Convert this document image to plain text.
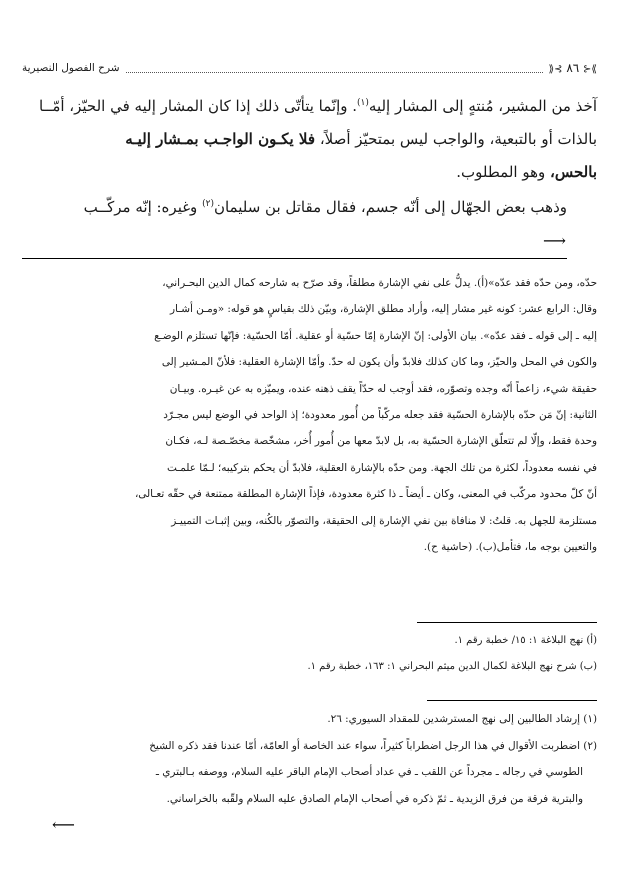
⟫⊰ ٨٦ ⊱⟪
شرح الفصول النصيرية

آخذ من المشير، مُنتهٍ إلى المشار إليه$^{(١)}$. وإنّما يتأتّى ذلك إذا كان المشار إليه في الحيّز، أمّــا

بالذات أو بالتبعية، والواجب ليس بمتحيّز أصلاً، فلا يكـون الواجـب بمـشار إليـه

بالحس، وهو المطلوب.

وذهب بعض الجهّال إلى أنّه جسم، فقال مقاتل بن سليمان$^{(٢)}$ وغيره: إنّه مركّــب

⟶

حدّه، ومن حدّه فقد عدّه»(أ). يدلُّ على نفي الإشارة مطلقاً، وقد صرّح به شارحه كمال الدين البحـراني،

وقال: الرابع عشر: كونه غير مشار إليه، وأراد مطلق الإشارة، وبيّن ذلك بقياسٍ هو قوله: «ومـن أشـار

إليه ـ إلى قوله ـ فقد عدّه». بيان الأولى: إنّ الإشارة إمّا حسّية أو عقلية. أمّا الحسّية: فإنّها تستلزم الوضـع

والكون في المحل والحيّز، وما كان كذلك فلابدّ وأن يكون له حدّ. وأمّا الإشارة العقلية: فلأنّ المـشير إلى

حقيقة شيء، زاعماً أنّه وجده وتصوّره، فقد أوجب له حدّاً يقف ذهنه عنده، ويميّزه به عن غيـره. وبيـان

الثانية: إنّ مَن حدّه بالإشارة الحسّية فقد جعله مركّباً من أُمور معدودة؛ إذ الواحد في الوضع ليس مجـرّد

وحدة فقط، وإلّا لم تتعلّق الإشارة الحسّية به، بل لابدّ معها من أُمور أُخر، مشخّصة مخصّـصة لـه، فكـان

في نفسه معدوداً، لكثرة من تلك الجهة. ومن حدّه بالإشارة العقلية، فلابدّ أن يحكم بتركيبه؛ لـمّا علمـت

أنّ كلّ محدود مركّب في المعنى، وكان ـ أيضاً ـ ذا كثرة معدودة، فإذاً الإشارة المطلقة ممتنعة في حقّه تعـالى،

مستلزمة للجهل به. قلتُ: لا منافاة بين نفي الإشارة إلى الحقيقة، والتصوّر بالكُنه، وبين إثبـات التمييـز

والتعيين بوجه ما، فتأمل(ب). (حاشية ح).

(أ) نهج البلاغة ١: ١٥/ خطبة رقم ١.

(ب) شرح نهج البلاغة لكمال الدين ميثم البحراني ١: ١٦٣، خطبة رقم ١.

(١) إرشاد الطالبين إلى نهج المسترشدين للمقداد السيوري: ٢٦.

(٢) اضطربت الأقوال في هذا الرجل اضطراباً كثيراً، سواء عند الخاصة أو العامّة، أمّا عندنا فقد ذكره الشيخ

الطوسي في رجاله ـ مجرداً عن اللقب ـ في عداد أصحاب الإمام الباقر عليه السلام، ووصفه بـالبتري ـ

والبترية فرقة من فرق الزيدية ـ ثمّ ذكره في أصحاب الإمام الصادق عليه السلام ولقّبه بالخراساني.

⟵
